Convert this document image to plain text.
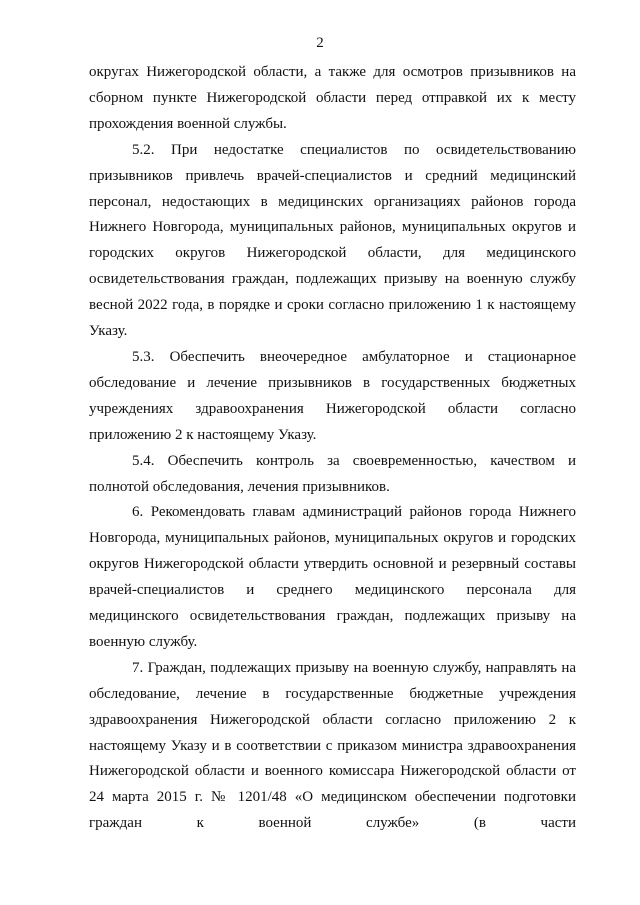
2

округах Нижегородской области, а также для осмотров призывников на сборном пункте Нижегородской области перед отправкой их к месту прохождения военной службы.

5.2. При недостатке специалистов по освидетельствованию призывников привлечь врачей-специалистов и средний медицинский персонал, недостающих в медицинских организациях районов города Нижнего Новгорода, муниципальных районов, муниципальных округов и городских округов Нижегородской области, для медицинского освидетельствования граждан, подлежащих призыву на военную службу весной 2022 года, в порядке и сроки согласно приложению 1 к настоящему Указу.

5.3. Обеспечить внеочередное амбулаторное и стационарное обследование и лечение призывников в государственных бюджетных учреждениях здравоохранения Нижегородской области согласно приложению 2 к настоящему Указу.

5.4. Обеспечить контроль за своевременностью, качеством и полнотой обследования, лечения призывников.

6. Рекомендовать главам администраций районов города Нижнего Новгорода, муниципальных районов, муниципальных округов и городских округов Нижегородской области утвердить основной и резервный составы врачей-специалистов и среднего медицинского персонала для медицинского освидетельствования граждан, подлежащих призыву на военную службу.

7. Граждан, подлежащих призыву на военную службу, направлять на обследование, лечение в государственные бюджетные учреждения здравоохранения Нижегородской области согласно приложению 2 к настоящему Указу и в соответствии с приказом министра здравоохранения Нижегородской области и военного комиссара Нижегородской области от 24 марта 2015 г. № 1201/48 «О медицинском обеспечении подготовки граждан к военной службе» (в части
